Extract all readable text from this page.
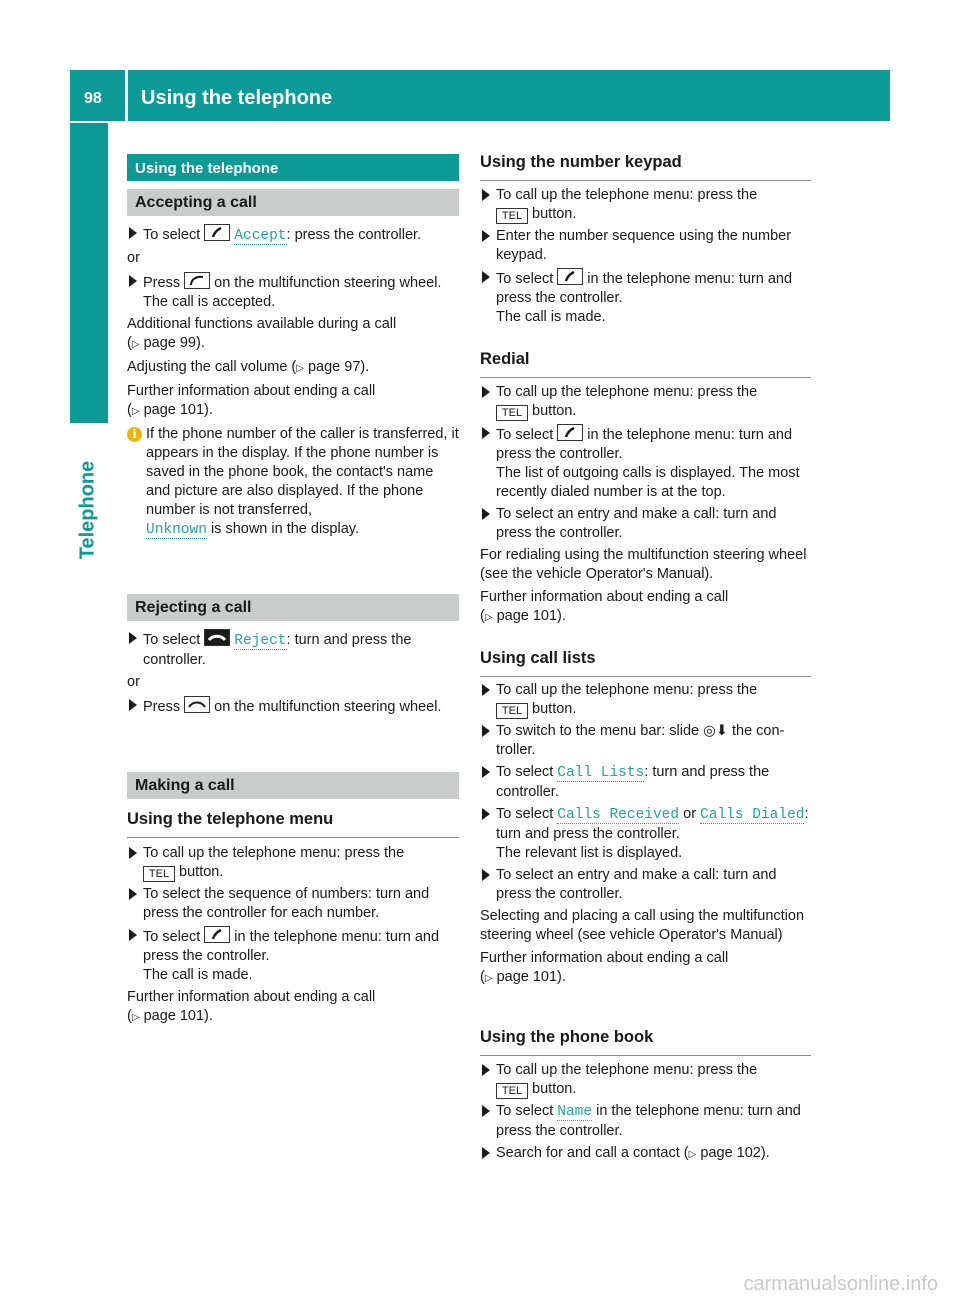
98 Using the telephone
Telephone
Using the telephone
Accepting a call
To select Accept: press the controller.
or
Press on the multifunction steering wheel.
The call is accepted.
Additional functions available during a call
(▷ page 99).
Adjusting the call volume (▷ page 97).
Further information about ending a call
(▷ page 101).
i If the phone number of the caller is transferred, it appears in the display. If the phone number is saved in the phone book, the contact's name and picture are also displayed. If the phone number is not transferred,
Unknown is shown in the display.
Rejecting a call
To select Reject: turn and press the controller.
or
Press on the multifunction steering wheel.
Making a call
Using the telephone menu
To call up the telephone menu: press the
TEL button.
To select the sequence of numbers: turn and press the controller for each number.
To select in the telephone menu: turn and press the controller.
The call is made.
Further information about ending a call
(▷ page 101).
Using the number keypad
To call up the telephone menu: press the
TEL button.
Enter the number sequence using the number keypad.
To select in the telephone menu: turn and press the controller.
The call is made.
Redial
To call up the telephone menu: press the
TEL button.
To select in the telephone menu: turn and press the controller.
The list of outgoing calls is displayed. The most recently dialed number is at the top.
To select an entry and make a call: turn and press the controller.
For redialing using the multifunction steering wheel (see the vehicle Operator's Manual).
Further information about ending a call
(▷ page 101).
Using call lists
To call up the telephone menu: press the
TEL button.
To switch to the menu bar: slide ◎⬇ the controller.
To select Call Lists: turn and press the controller.
To select Calls Received or Calls Dialed: turn and press the controller.
The relevant list is displayed.
To select an entry and make a call: turn and press the controller.
Selecting and placing a call using the multifunction steering wheel (see vehicle Operator's Manual)
Further information about ending a call
(▷ page 101).
Using the phone book
To call up the telephone menu: press the
TEL button.
To select Name in the telephone menu: turn and press the controller.
Search for and call a contact (▷ page 102).
carmanualsonline.info
